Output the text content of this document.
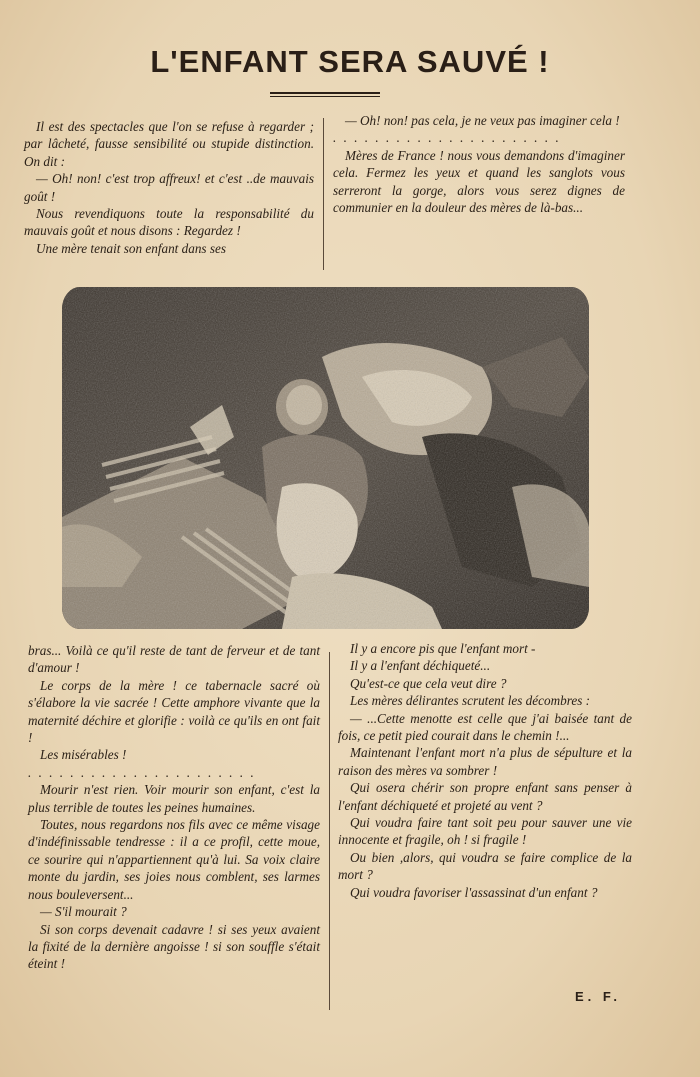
L'ENFANT SERA SAUVÉ !

Il est des spectacles que l'on se refuse à regarder ; par lâcheté, fausse sensibilité ou stupide distinction. On dit :

— Oh! non! c'est trop affreux! et c'est ..de mauvais goût !

Nous revendiquons toute la responsabilité du mauvais goût et nous disons : Regardez !

Une mère tenait son enfant dans ses

— Oh! non! pas cela, je ne veux pas imaginer cela !

. . . . . . . . . . . . . . . . . . . . . .

Mères de France ! nous vous demandons d'imaginer cela. Fermez les yeux et quand les sanglots vous serreront la gorge, alors vous serez dignes de communier en la douleur des mères de là-bas...

bras... Voilà ce qu'il reste de tant de ferveur et de tant d'amour !

Le corps de la mère ! ce tabernacle sacré où s'élabore la vie sacrée ! Cette amphore vivante que la maternité déchire et glorifie : voilà ce qu'ils en ont fait !

Les misérables !

. . . . . . . . . . . . . . . . . . . . . .

Mourir n'est rien. Voir mourir son enfant, c'est la plus terrible de toutes les peines humaines.

Toutes, nous regardons nos fils avec ce même visage d'indéfinissable tendresse : il a ce profil, cette moue, ce sourire qui n'appartiennent qu'à lui. Sa voix claire monte du jardin, ses joies nous comblent, ses larmes nous bouleversent...

— S'il mourait ?

Si son corps devenait cadavre ! si ses yeux avaient la fixité de la dernière angoisse ! si son souffle s'était éteint !

Il y a encore pis que l'enfant mort -

Il y a l'enfant déchiqueté...

Qu'est-ce que cela veut dire ?

Les mères délirantes scrutent les décombres :

— ...Cette menotte est celle que j'ai baisée tant de fois, ce petit pied courait dans le chemin !...

Maintenant l'enfant mort n'a plus de sépulture et la raison des mères va sombrer !

Qui osera chérir son propre enfant sans penser à l'enfant déchiqueté et projeté au vent ?

Qui voudra faire tant soit peu pour sauver une vie innocente et fragile, oh ! si fragile !

Ou bien ,alors, qui voudra se faire complice de la mort ?

Qui voudra favoriser l'assassinat d'un enfant ?

E. F.
